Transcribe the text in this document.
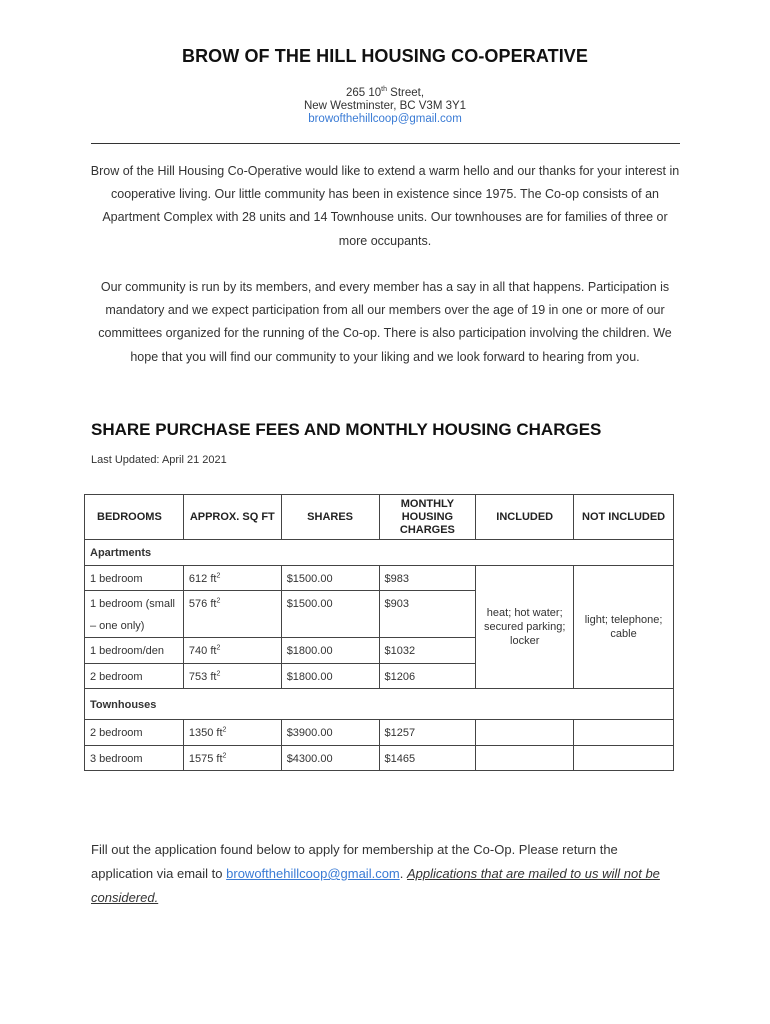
BROW OF THE HILL HOUSING CO-OPERATIVE
265 10th Street,
New Westminster, BC V3M 3Y1
browofthehillcoop@gmail.com
Brow of the Hill Housing Co-Operative would like to extend a warm hello and our thanks for your interest in cooperative living. Our little community has been in existence since 1975. The Co-op consists of an Apartment Complex with 28 units and 14 Townhouse units. Our townhouses are for families of three or more occupants.
Our community is run by its members, and every member has a say in all that happens. Participation is mandatory and we expect participation from all our members over the age of 19 in one or more of our committees organized for the running of the Co-op. There is also participation involving the children. We hope that you will find our community to your liking and we look forward to hearing from you.
SHARE PURCHASE FEES AND MONTHLY HOUSING CHARGES
Last Updated: April 21 2021
BEDROOMS	APPROX. SQ FT	SHARES	MONTHLY HOUSING CHARGES	INCLUDED	NOT INCLUDED
Apartments					
1 bedroom	612 $ft^2$	$1500.00	$983	heat; hot water; secured parking; locker	light; telephone; cable
1 bedroom (small – one only)	576 $ft^2$	$1500.00	$903		
1 bedroom/den	740 $ft^2$	$1800.00	$1032		
2 bedroom	753 $ft^2$	$1800.00	$1206		
Townhouses					
2 bedroom	1350 $ft^2$	$3900.00	$1257		
3 bedroom	1575 $ft^2$	$4300.00	$1465		
Fill out the application found below to apply for membership at the Co-Op. Please return the application via email to browofthehillcoop@gmail.com. Applications that are mailed to us will not be considered.
